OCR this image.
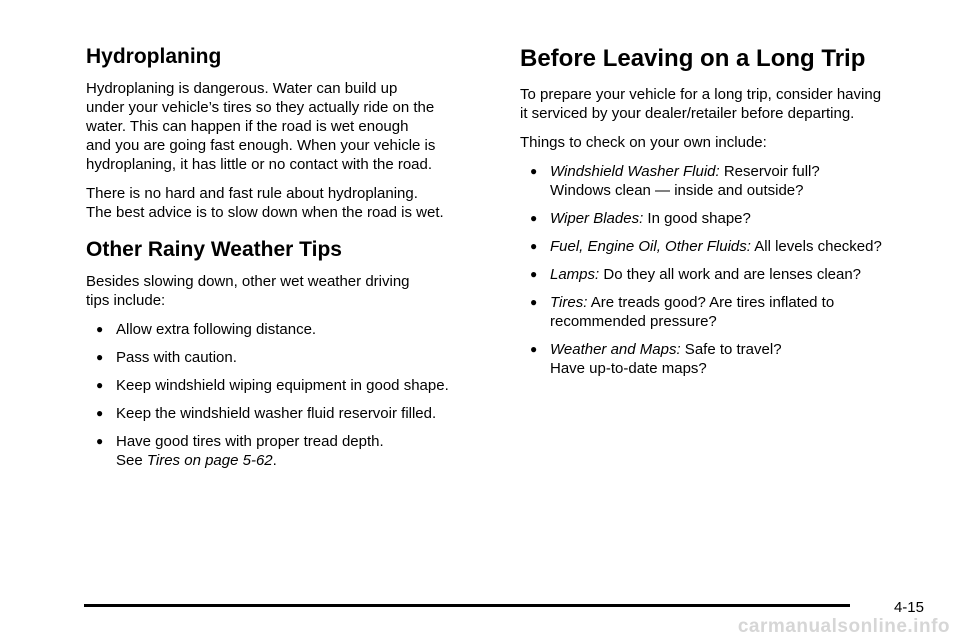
Hydroplaning

Hydroplaning is dangerous. Water can build up
under your vehicle’s tires so they actually ride on the
water. This can happen if the road is wet enough
and you are going fast enough. When your vehicle is
hydroplaning, it has little or no contact with the road.

There is no hard and fast rule about hydroplaning.
The best advice is to slow down when the road is wet.

Other Rainy Weather Tips

Besides slowing down, other wet weather driving
tips include:

● Allow extra following distance.
● Pass with caution.
● Keep windshield wiping equipment in good shape.
● Keep the windshield washer fluid reservoir filled.
● Have good tires with proper tread depth.
See Tires on page 5-62.
Before Leaving on a Long Trip

To prepare your vehicle for a long trip, consider having
it serviced by your dealer/retailer before departing.

Things to check on your own include:

● Windshield Washer Fluid: Reservoir full?
Windows clean — inside and outside?
● Wiper Blades: In good shape?
● Fuel, Engine Oil, Other Fluids: All levels checked?
● Lamps: Do they all work and are lenses clean?
● Tires: Are treads good? Are tires inflated to
recommended pressure?
● Weather and Maps: Safe to travel?
Have up-to-date maps?
4-15
carmanualsonline.info
